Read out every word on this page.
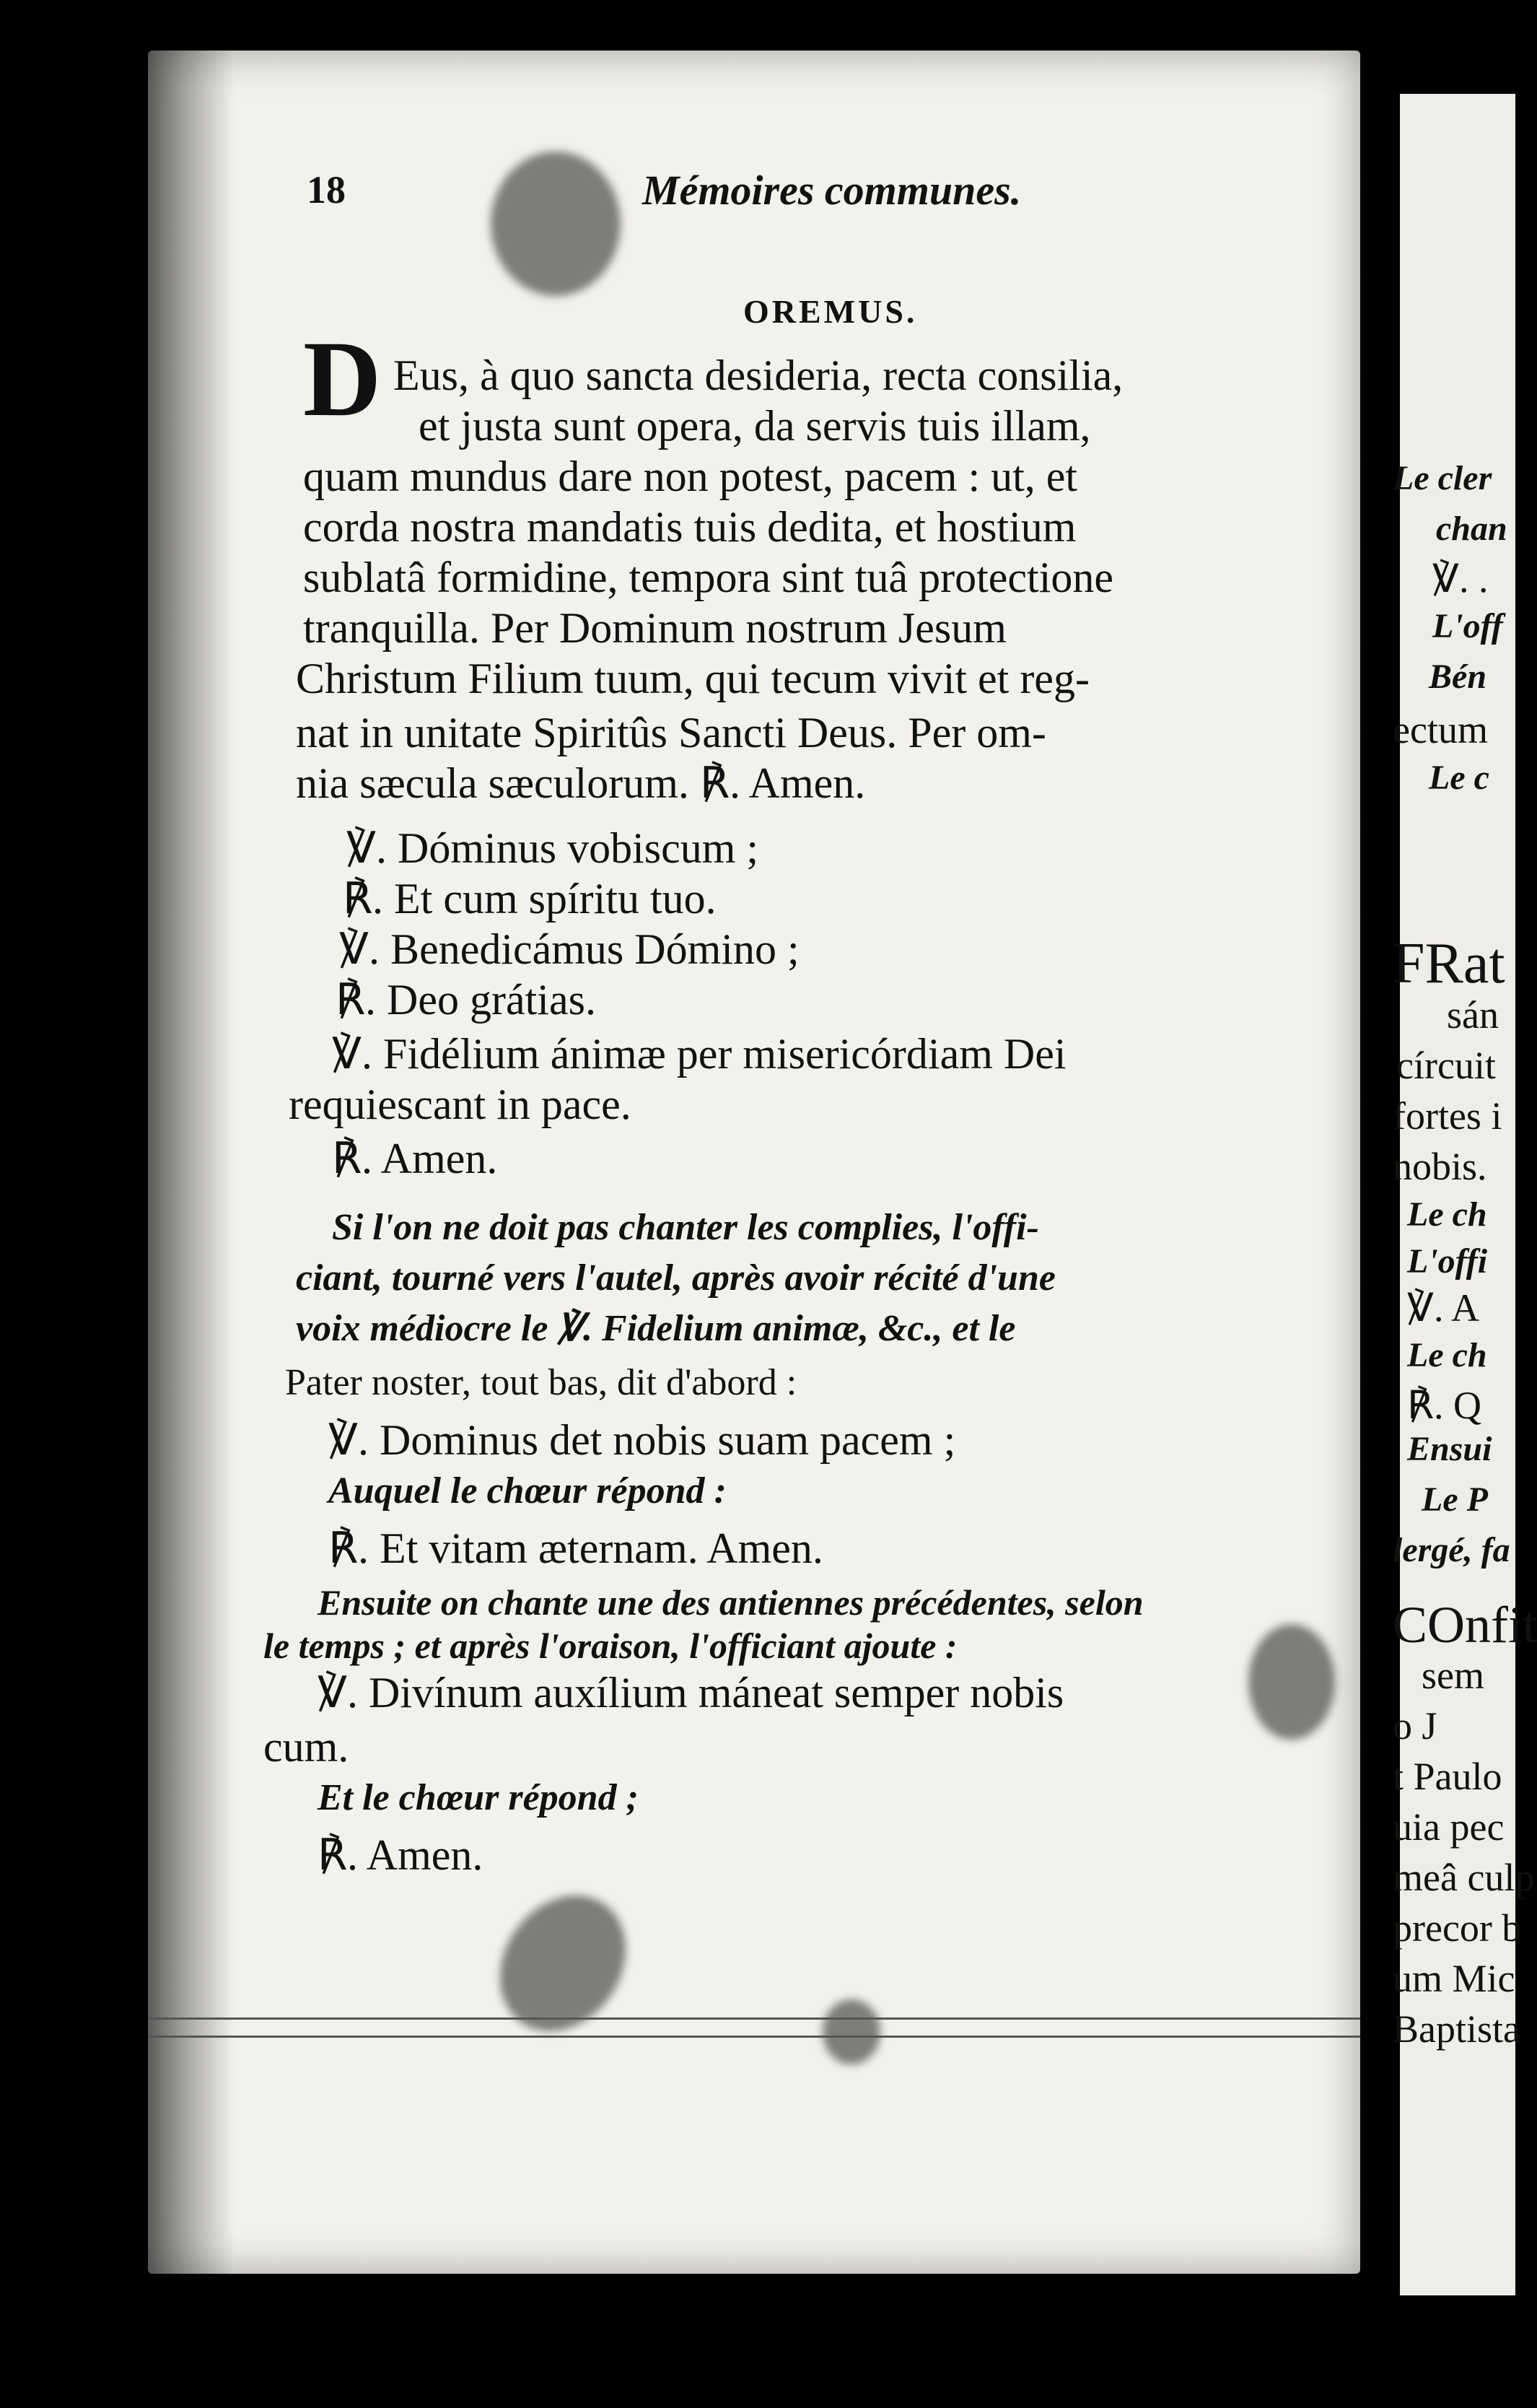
Le cler
chan
℣. .
L'off
Bén
ectum
Le c
FRat
sán
círcuit
fortes i
nobis.
Le ch
L'offi
℣. A
Le ch
℟. Q
Ensui
Le P
lergé, fa
COnfit
sem
o J
t Paulo
uia pec
meâ culp
precor b
um Mic
Baptista
18	Mémoires communes.
OREMUS.
D Eus, à quo sancta desideria, recta consilia,
et justa sunt opera, da servis tuis illam,
quam mundus dare non potest, pacem : ut, et
corda nostra mandatis tuis dedita, et hostium
sublatâ formidine, tempora sint tuâ protectione
tranquilla. Per Dominum nostrum Jesum
Christum Filium tuum, qui tecum vivit et reg-
nat in unitate Spiritûs Sancti Deus. Per om-
nia sæcula sæculorum. ℟. Amen.
℣. Dóminus vobiscum ;
℟. Et cum spíritu tuo.
℣. Benedicámus Dómino ;
℟. Deo grátias.
℣. Fidélium ánimæ per misericórdiam Dei
requiescant in pace.
℟. Amen.
Si l'on ne doit pas chanter les complies, l'offi-
ciant, tourné vers l'autel, après avoir récité d'une
voix médiocre le ℣. Fidelium animæ, &c., et le
Pater noster, tout bas, dit d'abord :
℣. Dominus det nobis suam pacem ;
Auquel le chœur répond :
℟. Et vitam æternam. Amen.
Ensuite on chante une des antiennes précédentes, selon
le temps ; et après l'oraison, l'officiant ajoute :
℣. Divínum auxílium máneat semper nobis
cum.
Et le chœur répond ;
℟. Amen.
